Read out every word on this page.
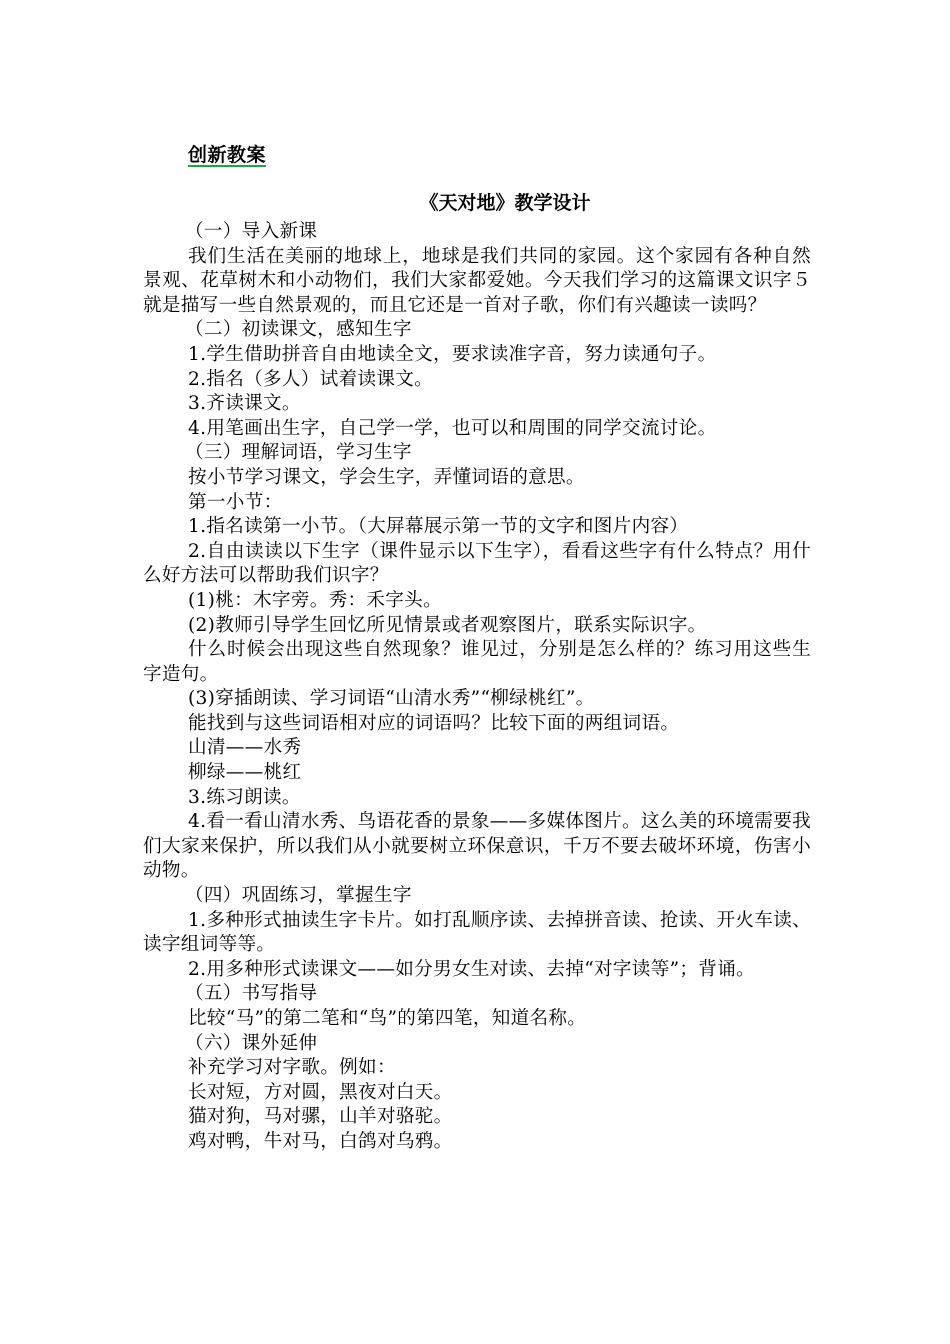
创新教案
《天对地》教学设计
（一）导入新课
我们生活在美丽的地球上，地球是我们共同的家园。这个家园有各种自然景观、花草树木和小动物们，我们大家都爱她。今天我们学习的这篇课文识字５就是描写一些自然景观的，而且它还是一首对子歌，你们有兴趣读一读吗？
（二）初读课文，感知生字
1.学生借助拼音自由地读全文，要求读准字音，努力读通句子。
2.指名（多人）试着读课文。
3.齐读课文。
4.用笔画出生字，自己学一学，也可以和周围的同学交流讨论。
（三）理解词语，学习生字
按小节学习课文，学会生字，弄懂词语的意思。
第一小节：
1.指名读第一小节。（大屏幕展示第一节的文字和图片内容）
2.自由读读以下生字（课件显示以下生字），看看这些字有什么特点？用什么好方法可以帮助我们识字？
(1)桃：木字旁。秀：禾字头。
(2)教师引导学生回忆所见情景或者观察图片，联系实际识字。
什么时候会出现这些自然现象？谁见过，分别是怎么样的？练习用这些生字造句。
(3)穿插朗读、学习词语“山清水秀”“柳绿桃红”。
能找到与这些词语相对应的词语吗？比较下面的两组词语。
山清——水秀
柳绿——桃红
3.练习朗读。
4.看一看山清水秀、鸟语花香的景象——多媒体图片。这么美的环境需要我们大家来保护，所以我们从小就要树立环保意识，千万不要去破坏环境，伤害小动物。
（四）巩固练习，掌握生字
1.多种形式抽读生字卡片。如打乱顺序读、去掉拼音读、抢读、开火车读、读字组词等等。
2.用多种形式读课文——如分男女生对读、去掉“对字读等”；背诵。
（五）书写指导
比较“马”的第二笔和“鸟”的第四笔，知道名称。
（六）课外延伸
补充学习对字歌。例如：
长对短，方对圆，黑夜对白天。
猫对狗，马对骡，山羊对骆驼。
鸡对鸭，牛对马，白鸽对乌鸦。
